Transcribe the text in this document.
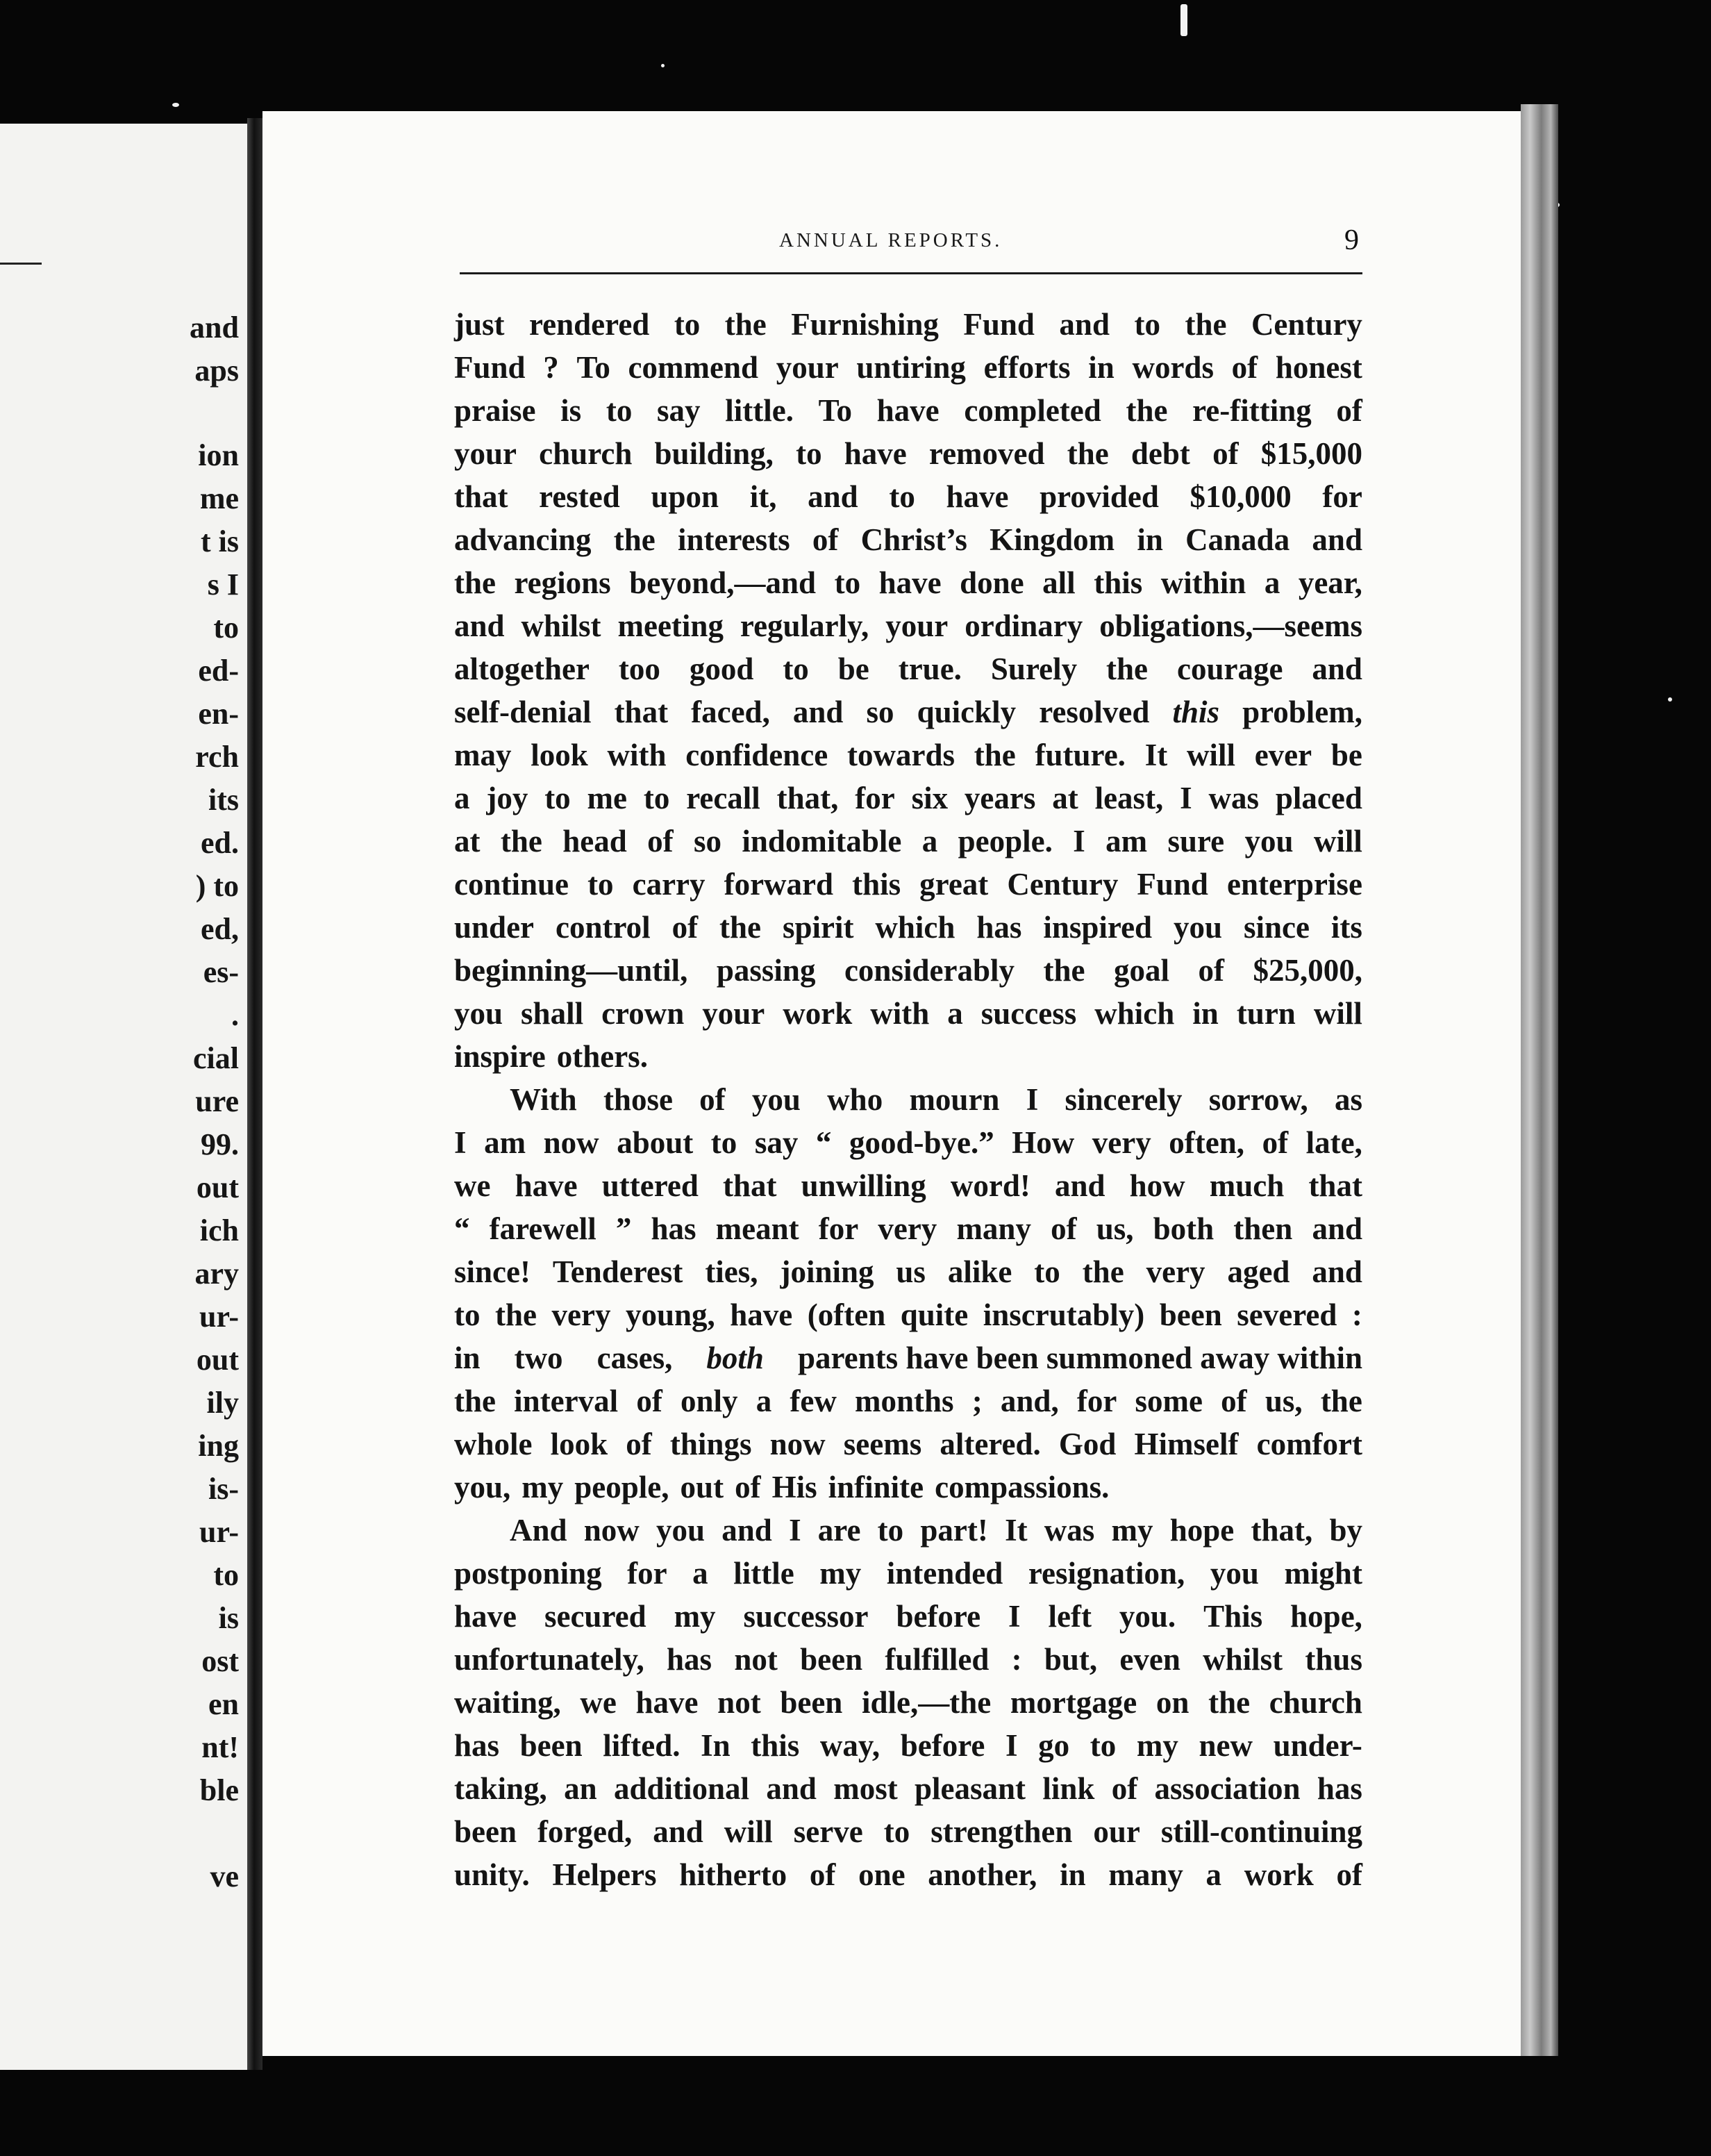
and
aps
ion
me
t is
s I
to
ed-
en-
rch
its
ed.
) to
ed,
es-
.
cial
ure
99.
out
ich
ary
ur-
out
ily
ing
is-
ur-
to
is
ost
en
nt!
ble
ve
ANNUAL REPORTS.	9
just rendered to the Furnishing Fund and to the Century
Fund ? To commend your untiring efforts in words of honest
praise is to say little. To have completed the re-fitting of
your church building, to have removed the debt of $15,000
that rested upon it, and to have provided $10,000 for
advancing the interests of Christ’s Kingdom in Canada and
the regions beyond,—and to have done all this within a year,
and whilst meeting regularly, your ordinary obligations,—seems
altogether too good to be true. Surely the courage and
self-denial that faced, and so quickly resolved this problem,
may look with confidence towards the future. It will ever be
a joy to me to recall that, for six years at least, I was placed
at the head of so indomitable a people. I am sure you will
continue to carry forward this great Century Fund enterprise
under control of the spirit which has inspired you since its
beginning—until, passing considerably the goal of $25,000,
you shall crown your work with a success which in turn will
inspire others.
With those of you who mourn I sincerely sorrow, as
I am now about to say “ good-bye.” How very often, of late,
we have uttered that unwilling word! and how much that
“ farewell ” has meant for very many of us, both then and
since! Tenderest ties, joining us alike to the very aged and
to the very young, have (often quite inscrutably) been severed :
in two cases, both parents have been summoned away within
the interval of only a few months ; and, for some of us, the
whole look of things now seems altered. God Himself comfort
you, my people, out of His infinite compassions.
And now you and I are to part! It was my hope that, by
postponing for a little my intended resignation, you might
have secured my successor before I left you. This hope,
unfortunately, has not been fulfilled : but, even whilst thus
waiting, we have not been idle,—the mortgage on the church
has been lifted. In this way, before I go to my new under-
taking, an additional and most pleasant link of association has
been forged, and will serve to strengthen our still-continuing
unity. Helpers hitherto of one another, in many a work of
